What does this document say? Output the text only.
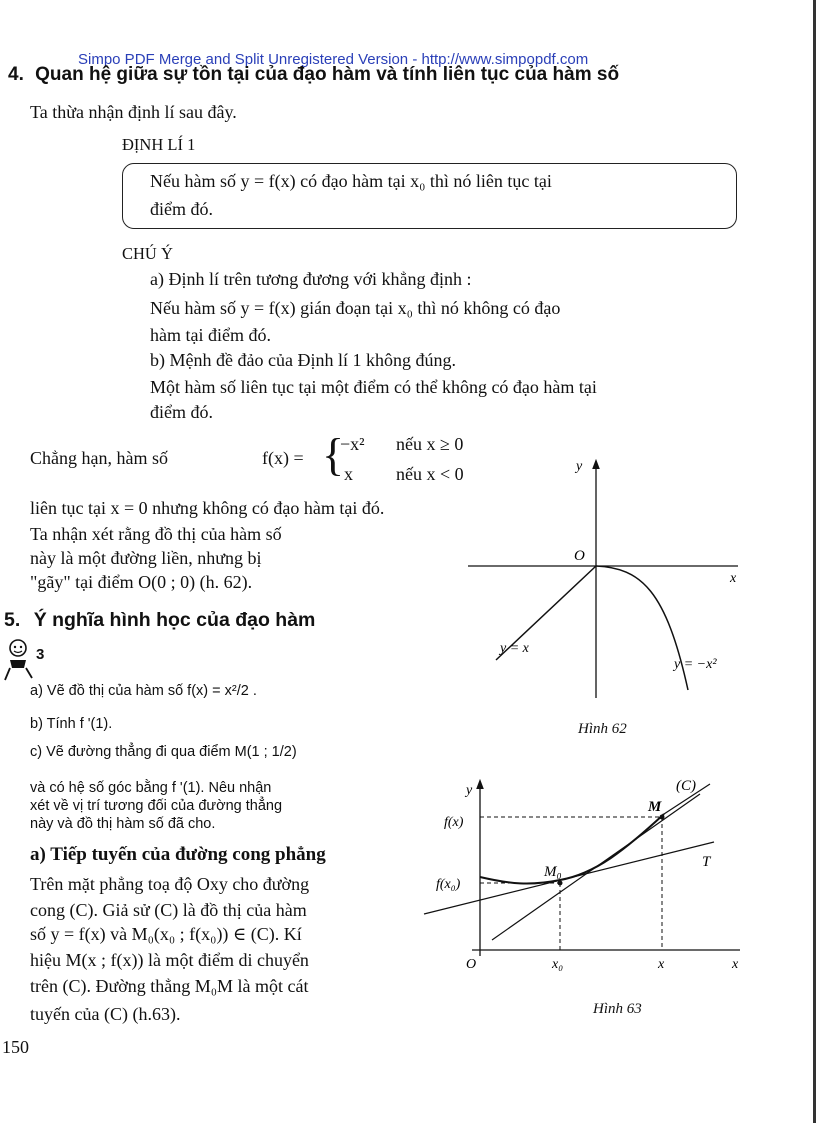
Simpo PDF Merge and Split Unregistered Version - http://www.simpopdf.com
4. Quan hệ giữa sự tồn tại của đạo hàm và tính liên tục của hàm số
Ta thừa nhận định lí sau đây.
ĐỊNH LÍ 1
Nếu hàm số y = f(x) có đạo hàm tại x₀ thì nó liên tục tại
điểm đó.
CHÚ Ý
a) Định lí trên tương đương với khẳng định :
Nếu hàm số y = f(x) gián đoạn tại x₀ thì nó không có đạo
hàm tại điểm đó.
b) Mệnh đề đảo của Định lí 1 không đúng.
Một hàm số liên tục tại một điểm có thể không có đạo hàm tại
điểm đó.
Chẳng hạn, hàm số	f(x) = {
−x² nếu x ≥ 0
x nếu x < 0
liên tục tại x = 0 nhưng không có đạo hàm tại đó.
Ta nhận xét rằng đồ thị của hàm số
này là một đường liền, nhưng bị
"gãy" tại điểm O(0 ; 0) (h. 62).
O
y
x
y = x
y = −x²
Hình 62
5. Ý nghĩa hình học của đạo hàm
3
a) Vẽ đồ thị của hàm số f(x) = x²/2 .
b) Tính f '(1).
c) Vẽ đường thẳng đi qua điểm M(1 ; 1/2)
và có hệ số góc bằng f '(1). Nêu nhận
xét về vị trí tương đối của đường thẳng
này và đồ thị hàm số đã cho.
a) Tiếp tuyến của đường cong phẳng
Trên mặt phẳng toạ độ Oxy cho đường
cong (C). Giả sử (C) là đồ thị của hàm
số y = f(x) và M₀(x₀ ; f(x₀)) ∈ (C). Kí
hiệu M(x ; f(x)) là một điểm di chuyển
trên (C). Đường thẳng M₀M là một cát
tuyến của (C) (h.63).
y
O	x
(C)
M
M₀
T
f(x)
f(x₀)
x₀	x
Hình 63
150
